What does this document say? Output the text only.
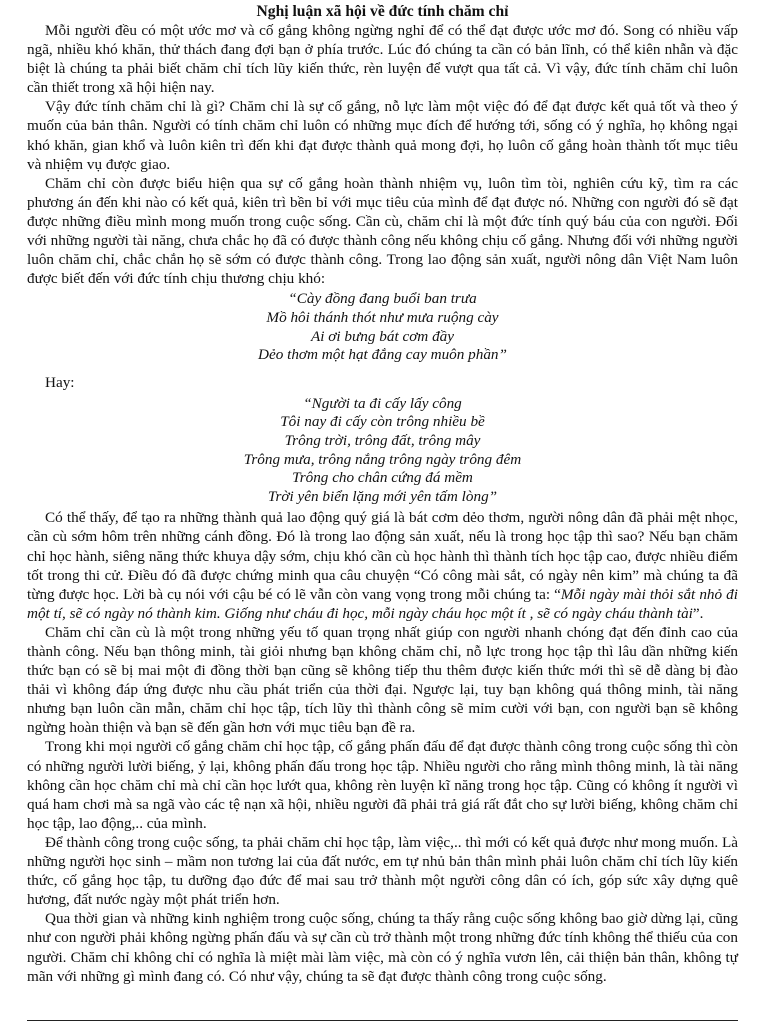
Nghị luận xã hội về đức tính chăm chỉ

Mỗi người đều có một ước mơ và cố gắng không ngừng nghỉ để có thể đạt được ước mơ đó. Song có nhiều vấp ngã, nhiều khó khăn, thử thách đang đợi bạn ở phía trước. Lúc đó chúng ta cần có bản lĩnh, có thể kiên nhẫn và đặc biệt là chúng ta phải biết chăm chỉ tích lũy kiến thức, rèn luyện để vượt qua tất cả. Vì vậy, đức tính chăm chỉ luôn cần thiết trong xã hội hiện nay.

Vậy đức tính chăm chỉ là gì? Chăm chỉ là sự cố gắng, nỗ lực làm một việc đó để đạt được kết quả tốt và theo ý muốn của bản thân. Người có tính chăm chỉ luôn có những mục đích để hướng tới, sống có ý nghĩa, họ không ngại khó khăn, gian khổ và luôn kiên trì đến khi đạt được thành quả mong đợi, họ luôn cố gắng hoàn thành tốt mục tiêu và nhiệm vụ được giao.

Chăm chỉ còn được biểu hiện qua sự cố gắng hoàn thành nhiệm vụ, luôn tìm tòi, nghiên cứu kỹ, tìm ra các phương án đến khi nào có kết quả, kiên trì bền bỉ với mục tiêu của mình để đạt được nó. Những con người đó sẽ đạt được những điều mình mong muốn trong cuộc sống. Cần cù, chăm chỉ là một đức tính quý báu của con người. Đối với những người tài năng, chưa chắc họ đã có được thành công nếu không chịu cố gắng. Nhưng đối với những người luôn chăm chỉ, chắc chắn họ sẽ sớm có được thành công. Trong lao động sản xuất, người nông dân Việt Nam luôn được biết đến với đức tính chịu thương chịu khó:

“Cày đồng đang buổi ban trưa
Mồ hôi thánh thót như mưa ruộng cày
Ai ơi bưng bát cơm đầy
Dẻo thơm một hạt đắng cay muôn phần”

Hay:

“Người ta đi cấy lấy công
Tôi nay đi cấy còn trông nhiều bề
Trông trời, trông đất, trông mây
Trông mưa, trông nắng trông ngày trông đêm
Trông cho chân cứng đá mềm
Trời yên biển lặng mới yên tấm lòng”

Có thể thấy, để tạo ra những thành quả lao động quý giá là bát cơm dẻo thơm, người nông dân đã phải mệt nhọc, cần cù sớm hôm trên những cánh đồng. Đó là trong lao động sản xuất, nếu là trong học tập thì sao? Nếu bạn chăm chỉ học hành, siêng năng thức khuya dậy sớm, chịu khó cần cù học hành thì thành tích học tập cao, được nhiều điểm tốt trong thi cử. Điều đó đã được chứng minh qua câu chuyện “Có công mài sắt, có ngày nên kim” mà chúng ta đã từng được học. Lời bà cụ nói với cậu bé có lẽ vẫn còn vang vọng trong mỗi chúng ta: “Mỗi ngày mài thỏi sắt nhỏ đi một tí, sẽ có ngày nó thành kim. Giống như cháu đi học, mỗi ngày cháu học một ít , sẽ có ngày cháu thành tài”.

Chăm chỉ cần cù là một trong những yếu tố quan trọng nhất giúp con người nhanh chóng đạt đến đỉnh cao của thành công. Nếu bạn thông minh, tài giỏi nhưng bạn không chăm chỉ, nỗ lực trong học tập thì lâu dần những kiến thức bạn có sẽ bị mai một đi đồng thời bạn cũng sẽ không tiếp thu thêm được kiến thức mới thì sẽ dễ dàng bị đào thải vì không đáp ứng được nhu cầu phát triển của thời đại. Ngược lại, tuy bạn không quá thông minh, tài năng nhưng bạn luôn cần mẫn, chăm chỉ học tập, tích lũy thì thành công sẽ mỉm cười với bạn, con người bạn sẽ không ngừng hoàn thiện và bạn sẽ đến gần hơn với mục tiêu bạn đề ra.

Trong khi mọi người cố gắng chăm chỉ học tập, cố gắng phấn đấu để đạt được thành công trong cuộc sống thì còn có những người lười biếng, ỷ lại, không phấn đấu trong học tập. Nhiều người cho rằng mình thông minh, là tài năng không cần học chăm chỉ mà chỉ cần học lướt qua, không rèn luyện kĩ năng trong học tập. Cũng có không ít người vì quá ham chơi mà sa ngã vào các tệ nạn xã hội, nhiều người đã phải trả giá rất đắt cho sự lười biếng, không chăm chỉ học tập, lao động,.. của mình.

Để thành công trong cuộc sống, ta phải chăm chỉ học tập, làm việc,.. thì mới có kết quả được như mong muốn. Là những người học sinh – mầm non tương lai của đất nước, em tự nhủ bản thân mình phải luôn chăm chỉ tích lũy kiến thức, cố gắng học tập, tu dưỡng đạo đức để mai sau trở thành một người công dân có ích, góp sức xây dựng quê hương, đất nước ngày một phát triển hơn.

Qua thời gian và những kinh nghiệm trong cuộc sống, chúng ta thấy rằng cuộc sống không bao giờ dừng lại, cũng như con người phải không ngừng phấn đấu và sự cần cù trở thành một trong những đức tính không thể thiếu của con người. Chăm chỉ không chỉ có nghĩa là miệt mài làm việc, mà còn có ý nghĩa vươn lên, cải thiện bản thân, không tự mãn với những gì mình đang có. Có như vậy, chúng ta sẽ đạt được thành công trong cuộc sống.
